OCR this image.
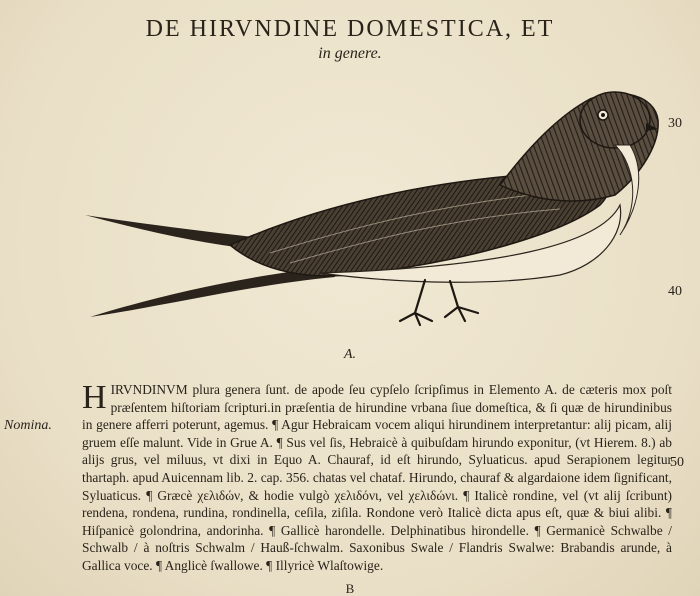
DE HIRVNDINE DOMESTICA, ET
in genere.
30
40
50
A.
Nomina.
H IRVNDINVM plura genera ſunt. de apode ſeu cypſelo ſcripſimus in Elemento A. de cæteris mox poſt præſentem hiſtoriam ſcripturi.in præſentia de hirundine vrbana ſiue domeſtica, & ſi quæ de hirundinibus in genere afferri poterunt, agemus. ¶ Agur Hebraicam vocem aliqui hirundinem interpretantur: alij picam, alij gruem eſſe malunt. Vide in Grue A. ¶ Sus vel ſis, Hebraicè à quibuſdam hirundo exponitur, (vt Hierem. 8.) ab alijs grus, vel miluus, vt dixi in Equo A. Chauraf, id eſt hirundo, Syluaticus. apud Serapionem legitur thartaph. apud Auicennam lib. 2. cap. 356. chatas vel chataf. Hirundo, chauraf & algardaione idem ſignificant, Syluaticus. ¶ Græcè χελιδών, & hodie vulgò χελιδόνι, vel χελιδώνι. ¶ Italicè rondine, vel (vt alij ſcribunt) rendena, rondena, rundina, rondinella, ceſila, ziſila. Rondone verò Italicè dicta apus eſt, quæ & biui alibi. ¶ Hiſpanicè golondrina, andorinha. ¶ Gallicè harondelle. Delphinatibus hirondelle. ¶ Germanicè Schwalbe / Schwalb / à noſtris Schwalm / Hauß-ſchwalm. Saxonibus Swale / Flandris Swalwe: Brabandis arunde, à Gallica voce. ¶ Anglicè ſwallowe. ¶ Illyricè Wlaſtowige.

B
